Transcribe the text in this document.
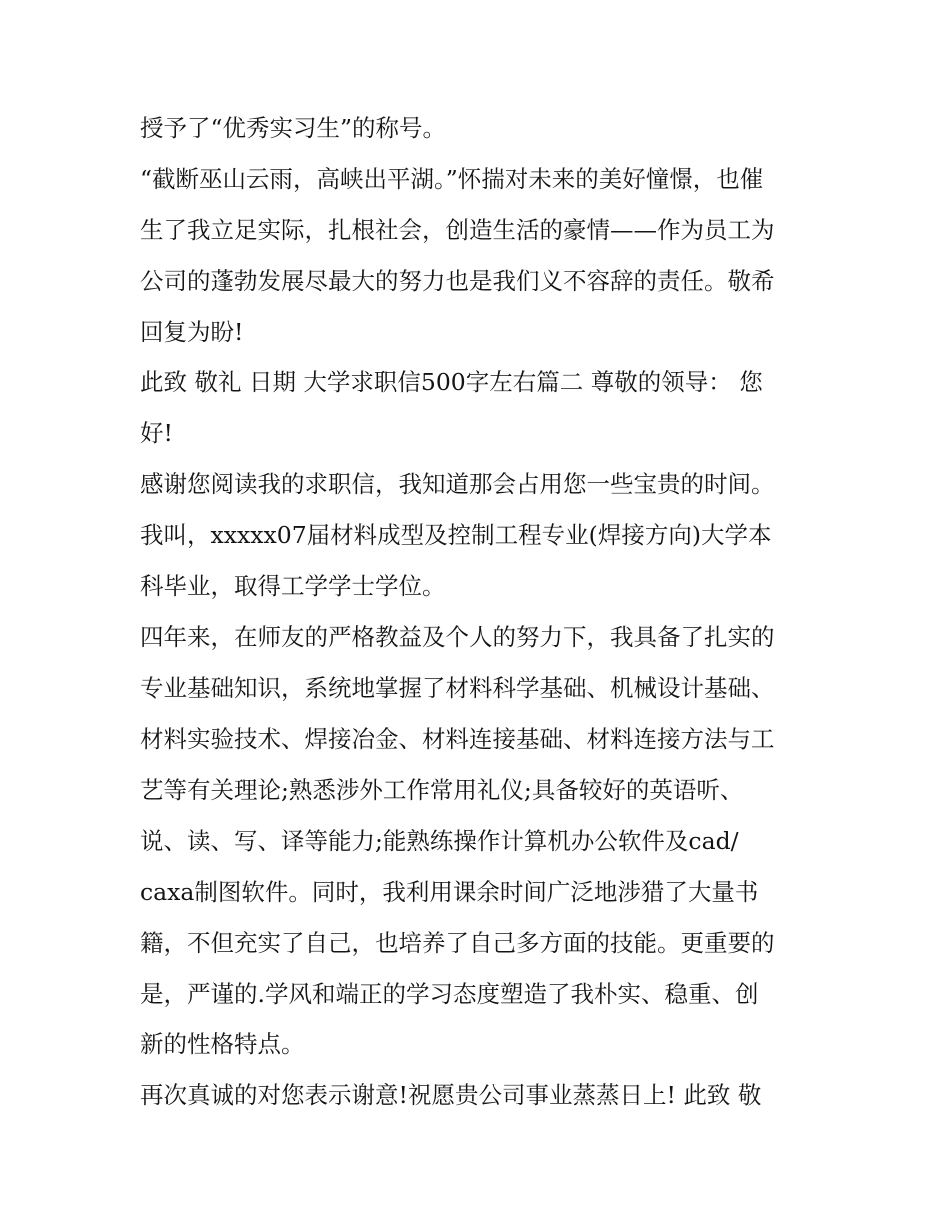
授予了“优秀实习生”的称号。
“截断巫山云雨，高峡出平湖。”怀揣对未来的美好憧憬，也催
生了我立足实际，扎根社会，创造生活的豪情——作为员工为
公司的蓬勃发展尽最大的努力也是我们义不容辞的责任。敬希
回复为盼!
此致 敬礼 日期 大学求职信500字左右篇二 尊敬的领导： 您
好!
感谢您阅读我的求职信，我知道那会占用您一些宝贵的时间。
我叫，xxxxx07届材料成型及控制工程专业(焊接方向)大学本
科毕业，取得工学学士学位。
四年来，在师友的严格教益及个人的努力下，我具备了扎实的
专业基础知识，系统地掌握了材料科学基础、机械设计基础、
材料实验技术、焊接冶金、材料连接基础、材料连接方法与工
艺等有关理论;熟悉涉外工作常用礼仪;具备较好的英语听、
说、读、写、译等能力;能熟练操作计算机办公软件及cad/
caxa制图软件。同时，我利用课余时间广泛地涉猎了大量书
籍，不但充实了自己，也培养了自己多方面的技能。更重要的
是，严谨的.学风和端正的学习态度塑造了我朴实、稳重、创
新的性格特点。
再次真诚的对您表示谢意!祝愿贵公司事业蒸蒸日上! 此致 敬
